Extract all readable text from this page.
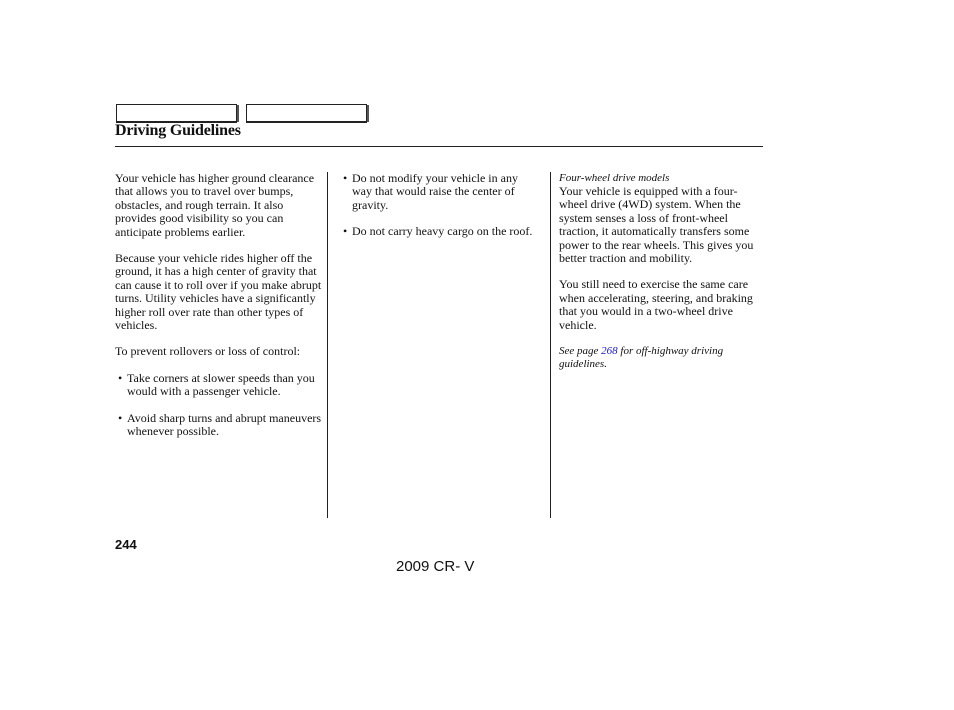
Driving Guidelines

Your vehicle has higher ground clearance that allows you to travel over bumps, obstacles, and rough terrain. It also provides good visibility so you can anticipate problems earlier.

Because your vehicle rides higher off the ground, it has a high center of gravity that can cause it to roll over if you make abrupt turns. Utility vehicles have a significantly higher roll over rate than other types of vehicles.

To prevent rollovers or loss of control:

• Take corners at slower speeds than you would with a passenger vehicle.
• Avoid sharp turns and abrupt maneuvers whenever possible.
• Do not modify your vehicle in any way that would raise the center of gravity.
• Do not carry heavy cargo on the roof.
Four-wheel drive models

Your vehicle is equipped with a four-wheel drive (4WD) system. When the system senses a loss of front-wheel traction, it automatically transfers some power to the rear wheels. This gives you better traction and mobility.

You still need to exercise the same care when accelerating, steering, and braking that you would in a two-wheel drive vehicle.

See page 268 for off-highway driving guidelines.
244
2009 CR- V
